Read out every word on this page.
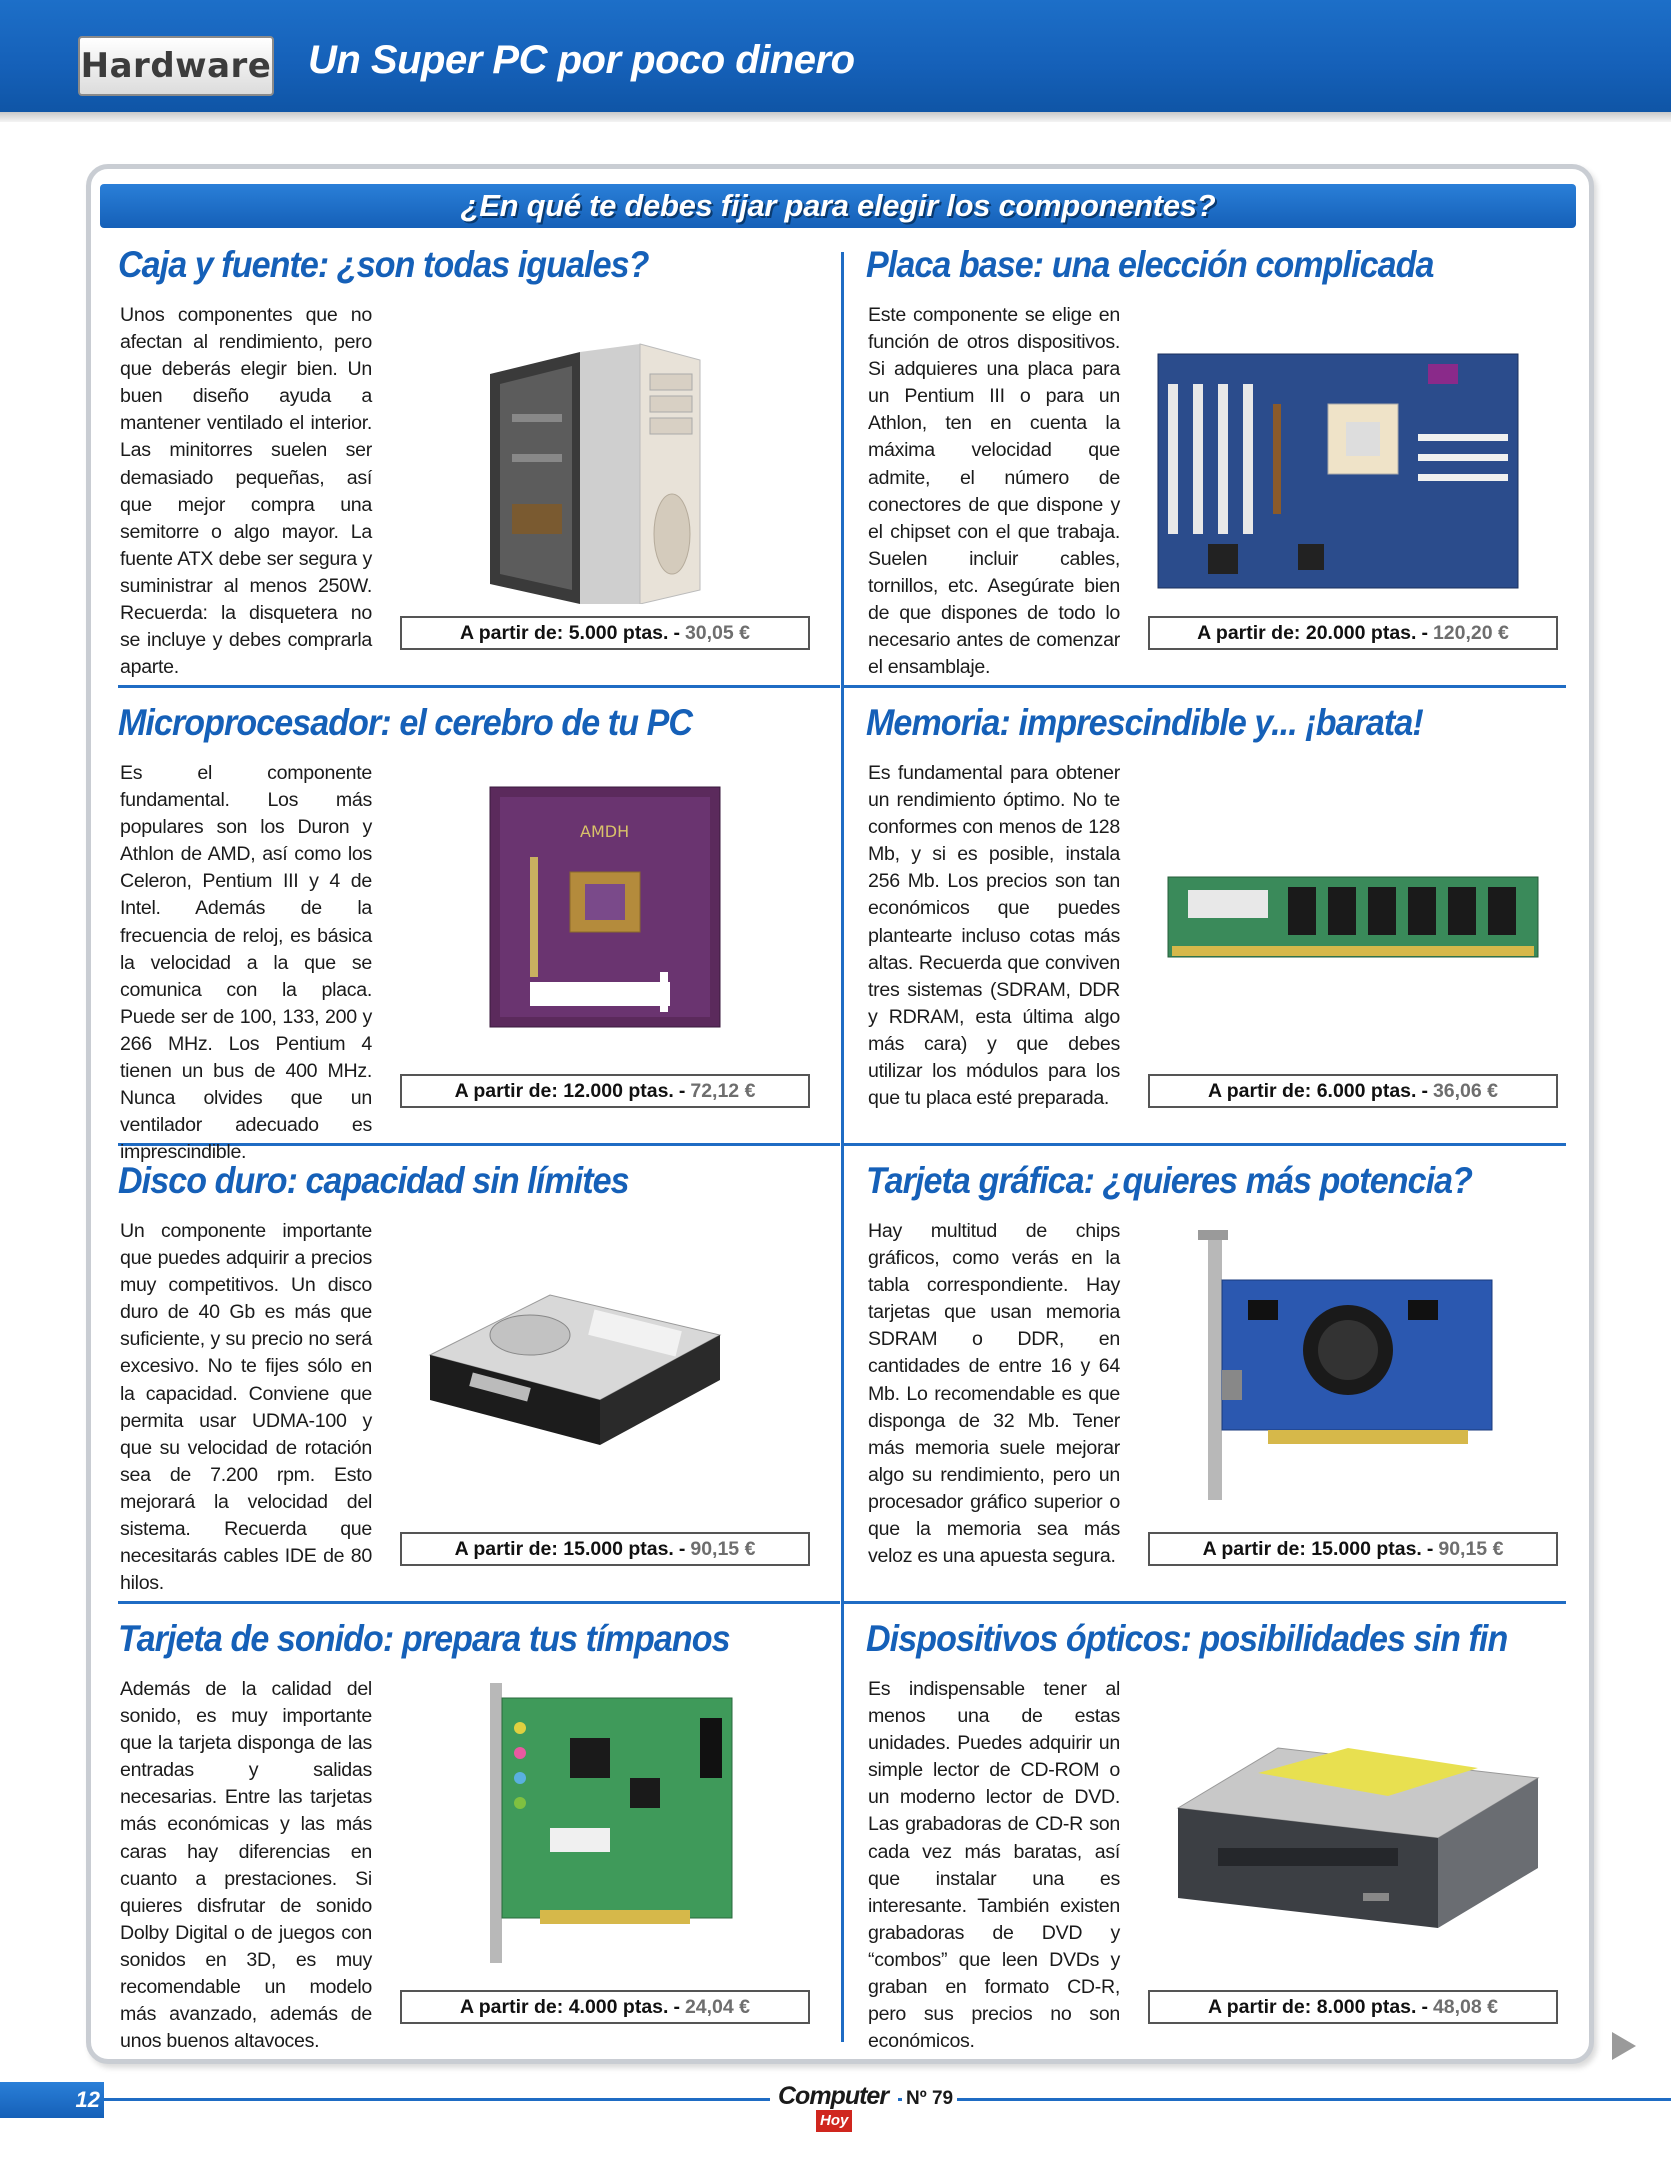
Hardware Un Super PC por poco dinero
¿En qué te debes fijar para elegir los componentes?
Caja y fuente: ¿son todas iguales?
Unos componentes que no afectan al rendimiento, pero que deberás elegir bien. Un buen diseño ayuda a mantener ventilado el interior. Las minitorres suelen ser demasiado pequeñas, así que mejor compra una semitorre o algo mayor. La fuente ATX debe ser segura y suministrar al menos 250W. Recuerda: la disquetera no se incluye y debes comprarla aparte.
A partir de:
5.000 ptas. - 30,05 €
Placa base: una elección complicada
Este componente se elige en función de otros dispositivos. Si adquieres una placa para un Pentium III o para un Athlon, ten en cuenta la máxima velocidad que admite, el número de conectores de que dispone y el chipset con el que trabaja. Suelen incluir cables, tornillos, etc. Asegúrate bien de que dispones de todo lo necesario antes de comenzar el ensamblaje.
A partir de:
20.000 ptas. - 120,20 €
Microprocesador: el cerebro de tu PC
Es el componente fundamental. Los más populares son los Duron y Athlon de AMD, así como los Celeron, Pentium III y 4 de Intel. Además de la frecuencia de reloj, es básica la velocidad a la que se comunica con la placa. Puede ser de 100, 133, 200 y 266 MHz. Los Pentium 4 tienen un bus de 400 MHz. Nunca olvides que un ventilador adecuado es imprescindible.
AMDH
A partir de:
12.000 ptas. - 72,12 €
Memoria: imprescindible y... ¡barata!
Es fundamental para obtener un rendimiento óptimo. No te conformes con menos de 128 Mb, y si es posible, instala 256 Mb. Los precios son tan económicos que puedes plantearte incluso cotas más altas. Recuerda que conviven tres sistemas (SDRAM, DDR y RDRAM, esta última algo más cara) y que debes utilizar los módulos para los que tu placa esté preparada.	A partir de:
6.000 ptas. - 36,06 €
Disco duro: capacidad sin límites
Un componente importante que puedes adquirir a precios muy competitivos. Un disco duro de 40 Gb es más que suficiente, y su precio no será excesivo. No te fijes sólo en la capacidad. Conviene que permita usar UDMA-100 y que su velocidad de rotación sea de 7.200 rpm. Esto mejorará la velocidad del sistema. Recuerda que necesitarás cables IDE de 80 hilos.
A partir de:
15.000 ptas. - 90,15 €
Tarjeta gráfica: ¿quieres más potencia?
Hay multitud de chips gráficos, como verás en la tabla correspondiente. Hay tarjetas que usan memoria SDRAM o DDR, en cantidades de entre 16 y 64 Mb. Lo recomendable es que disponga de 32 Mb. Tener más memoria suele mejorar algo su rendimiento, pero un procesador gráfico superior o que la memoria sea más veloz es una apuesta segura.	A partir de:
15.000 ptas. - 90,15 €
Tarjeta de sonido: prepara tus tímpanos
Además de la calidad del sonido, es muy importante que la tarjeta disponga de las entradas y salidas necesarias. Entre las tarjetas más económicas y las más caras hay diferencias en cuanto a prestaciones. Si quieres disfrutar de sonido Dolby Digital o de juegos con sonidos en 3D, es muy recomendable un modelo más avanzado, además de unos buenos altavoces.
A partir de:
4.000 ptas. - 24,04 €
Dispositivos ópticos: posibilidades sin fin
Es indispensable tener al menos una de estas unidades. Puedes adquirir un simple lector de CD-ROM o un moderno lector de DVD. Las grabadoras de CD-R son cada vez más baratas, así que instalar una es interesante. También existen grabadoras de DVD y “combos” que leen DVDs y graban en formato CD-R, pero sus precios no son económicos.
A partir de:
8.000 ptas. - 48,08 €
12	Computer
Hoy
Nº 79
